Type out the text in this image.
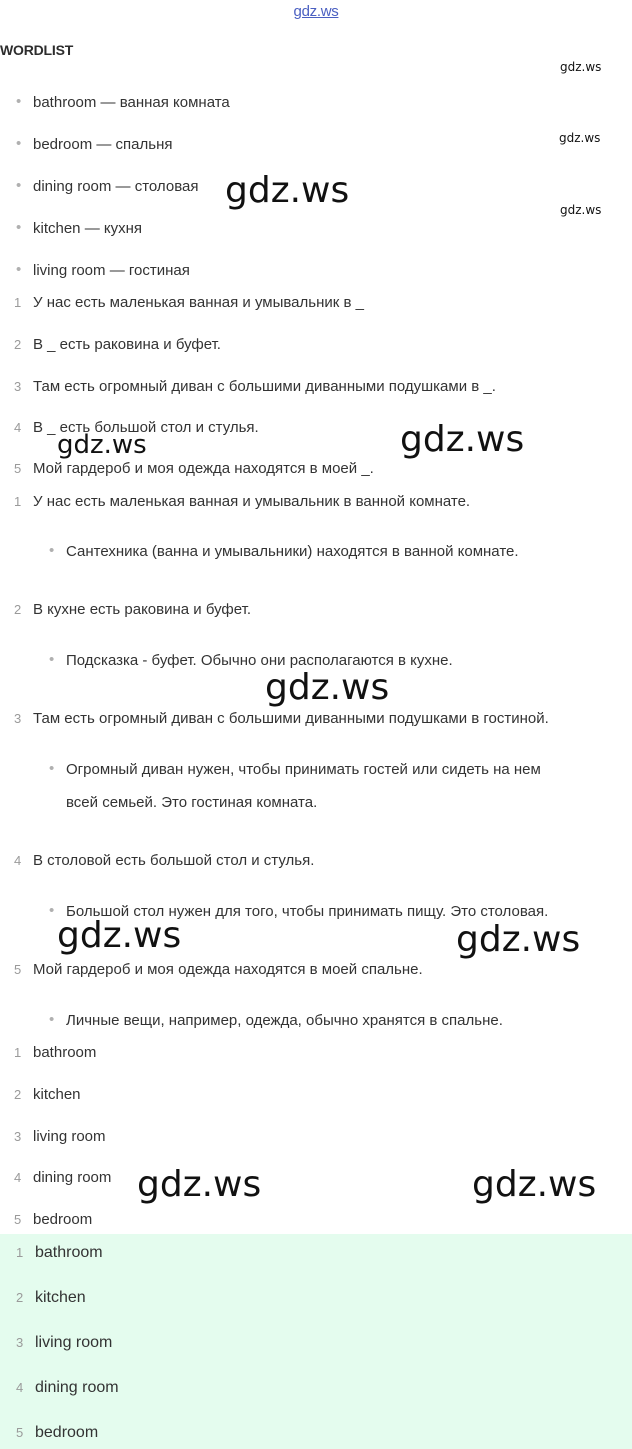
gdz.ws
WORDLIST
• bathroom — ванная комната
• bedroom — спальня
• dining room — столовая
• kitchen — кухня
• living room — гостиная
1 У нас есть маленькая ванная и умывальник в _
2 В _ есть раковина и буфет.
3 Там есть огромный диван с большими диванными подушками в _.
4 В _ есть большой стол и стулья.
5 Мой гардероб и моя одежда находятся в моей _.
1 У нас есть маленькая ванная и умывальник в ванной комнате.
• Сантехника (ванна и умывальники) находятся в ванной комнате.
2 В кухне есть раковина и буфет.
• Подсказка - буфет. Обычно они располагаются в кухне.
3 Там есть огромный диван с большими диванными подушками в гостиной.
• Огромный диван нужен, чтобы принимать гостей или сидеть на нем
всей семьей. Это гостиная комната.
4 В столовой есть большой стол и стулья.
• Большой стол нужен для того, чтобы принимать пищу. Это столовая.
5 Мой гардероб и моя одежда находятся в моей спальне.
• Личные вещи, например, одежда, обычно хранятся в спальне.
1 bathroom
2 kitchen
3 living room
4 dining room
5 bedroom
1 bathroom
2 kitchen
3 living room
4 dining room
5 bedroom
gdz.ws
gdz.ws
gdz.ws
gdz.ws
gdz.ws	gdz.ws
gdz.ws
gdz.ws	gdz.ws
gdz.ws	gdz.ws
